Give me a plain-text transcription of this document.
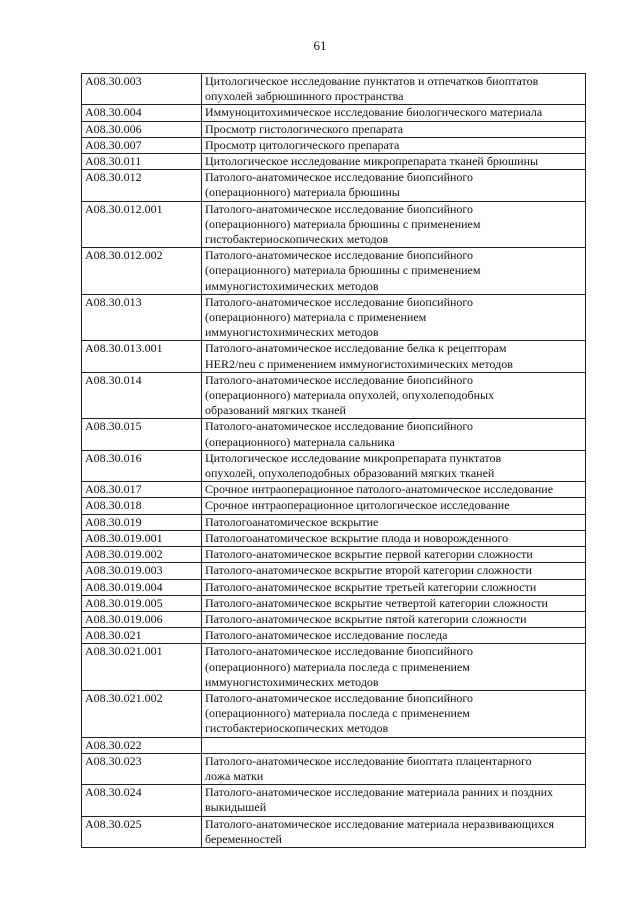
61
A08.30.003	Цитологическое исследование пунктатов и отпечатков биоптатов
опухолей забрюшинного пространства

A08.30.004	Иммуноцитохимическое исследование биологического материала

A08.30.006	Просмотр гистологического препарата

A08.30.007	Просмотр цитологического препарата

A08.30.011	Цитологическое исследование микропрепарата тканей брюшины

A08.30.012	Патолого-анатомическое исследование биопсийного
(операционного) материала брюшины

A08.30.012.001	Патолого-анатомическое исследование биопсийного
(операционного) материала брюшины с применением
гистобактериоскопических методов

A08.30.012.002	Патолого-анатомическое исследование биопсийного
(операционного) материала брюшины с применением
иммуногистохимических методов

A08.30.013	Патолого-анатомическое исследование биопсийного
(операционного) материала с применением
иммуногистохимических методов

A08.30.013.001	Патолого-анатомическое исследование белка к рецепторам
HER2/neu с применением иммуногистохимических методов

A08.30.014	Патолого-анатомическое исследование биопсийного
(операционного) материала опухолей, опухолеподобных
образований мягких тканей

A08.30.015	Патолого-анатомическое исследование биопсийного
(операционного) материала сальника

A08.30.016	Цитологическое исследование микропрепарата пунктатов
опухолей, опухолеподобных образований мягких тканей

A08.30.017	Срочное интраоперационное патолого-анатомическое исследование

A08.30.018	Срочное интраоперационное цитологическое исследование

A08.30.019	Патологоанатомическое вскрытие

A08.30.019.001	Патологоанатомическое вскрытие плода и новорожденного

A08.30.019.002	Патолого-анатомическое вскрытие первой категории сложности

A08.30.019.003	Патолого-анатомическое вскрытие второй категории сложности

A08.30.019.004	Патолого-анатомическое вскрытие третьей категории сложности

A08.30.019.005	Патолого-анатомическое вскрытие четвертой категории сложности

A08.30.019.006	Патолого-анатомическое вскрытие пятой категории сложности

A08.30.021	Патолого-анатомическое исследование последа

A08.30.021.001	Патолого-анатомическое исследование биопсийного
(операционного) материала последа с применением
иммуногистохимических методов

A08.30.021.002	Патолого-анатомическое исследование биопсийного
(операционного) материала последа с применением
гистобактериоскопических методов

A08.30.022	

A08.30.023	Патолого-анатомическое исследование биоптата плацентарного
ложа матки

A08.30.024	Патолого-анатомическое исследование материала ранних и поздних
выкидышей

A08.30.025	Патолого-анатомическое исследование материала неразвивающихся
беременностей
